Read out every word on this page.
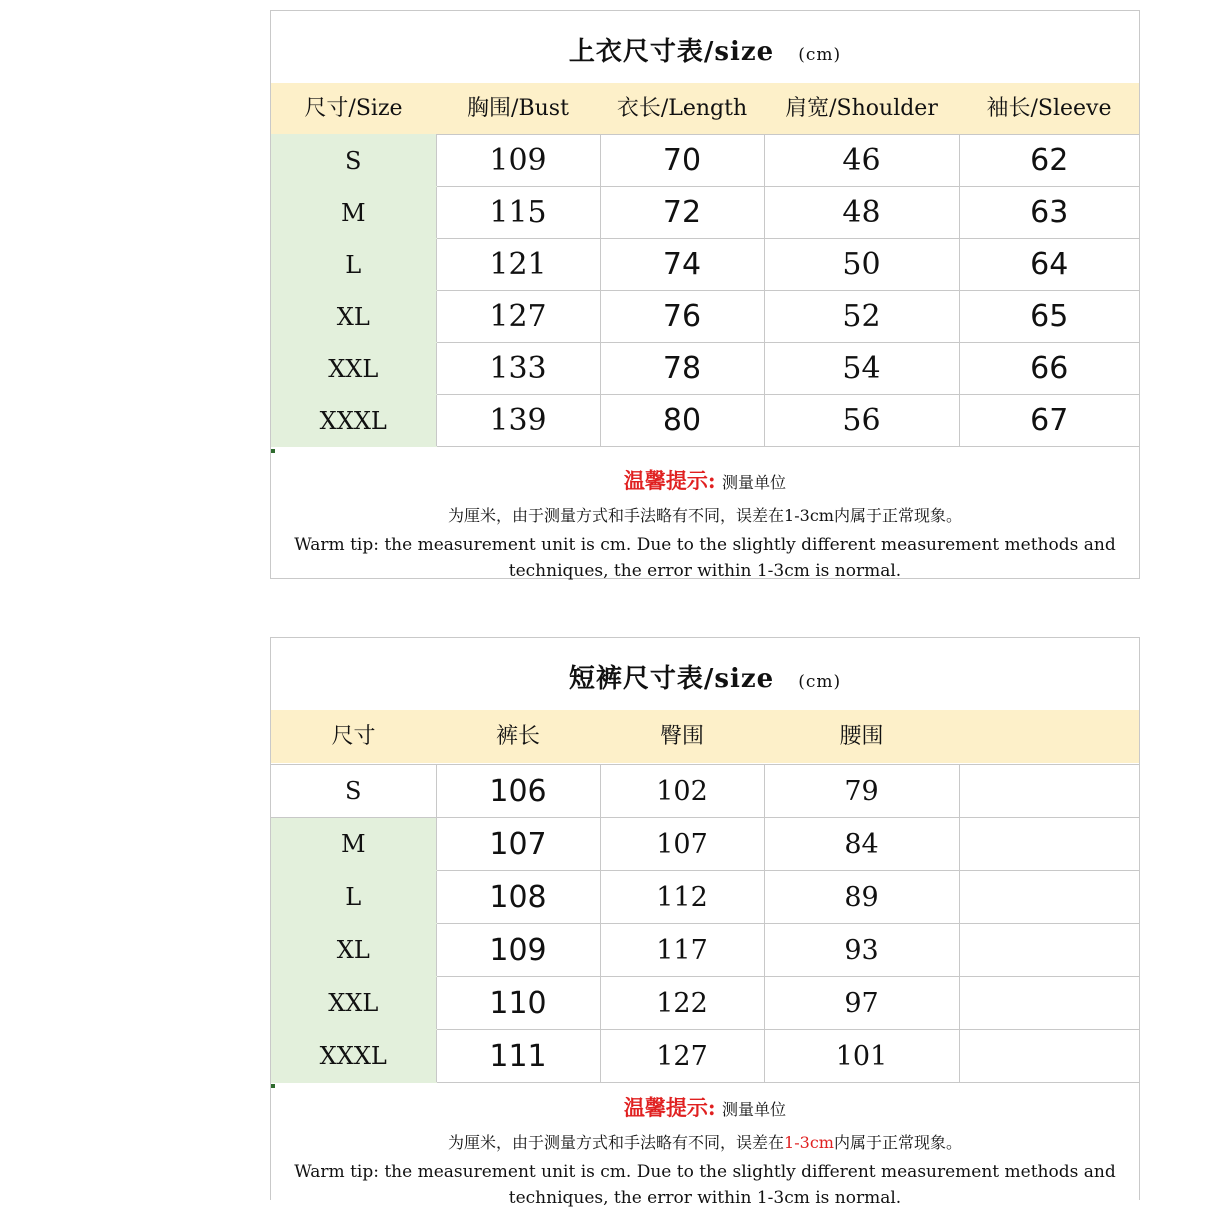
上衣尺寸表/size (cm)
尺寸/Size	胸围/Bust	衣长/Length	肩宽/Shoulder	袖长/Sleeve
S	109	70	46	62
M	115	72	48	63
L	121	74	50	64
XL	127	76	52	65
XXL	133	78	54	66
XXXL	139	80	56	67
温馨提示: 测量单位
为厘米，由于测量方式和手法略有不同，误差在1-3cm内属于正常现象。
Warm tip: the measurement unit is cm. Due to the slightly different measurement methods and techniques, the error within 1-3cm is normal.
短裤尺寸表/size (cm)
尺寸	裤长	臀围	腰围
S	106	102	79	
M	107	107	84	
L	108	112	89	
XL	109	117	93	
XXL	110	122	97	
XXXL	111	127	101	
温馨提示: 测量单位
为厘米，由于测量方式和手法略有不同，误差在1-3cm内属于正常现象。
Warm tip: the measurement unit is cm. Due to the slightly different measurement methods and techniques, the error within 1-3cm is normal.
